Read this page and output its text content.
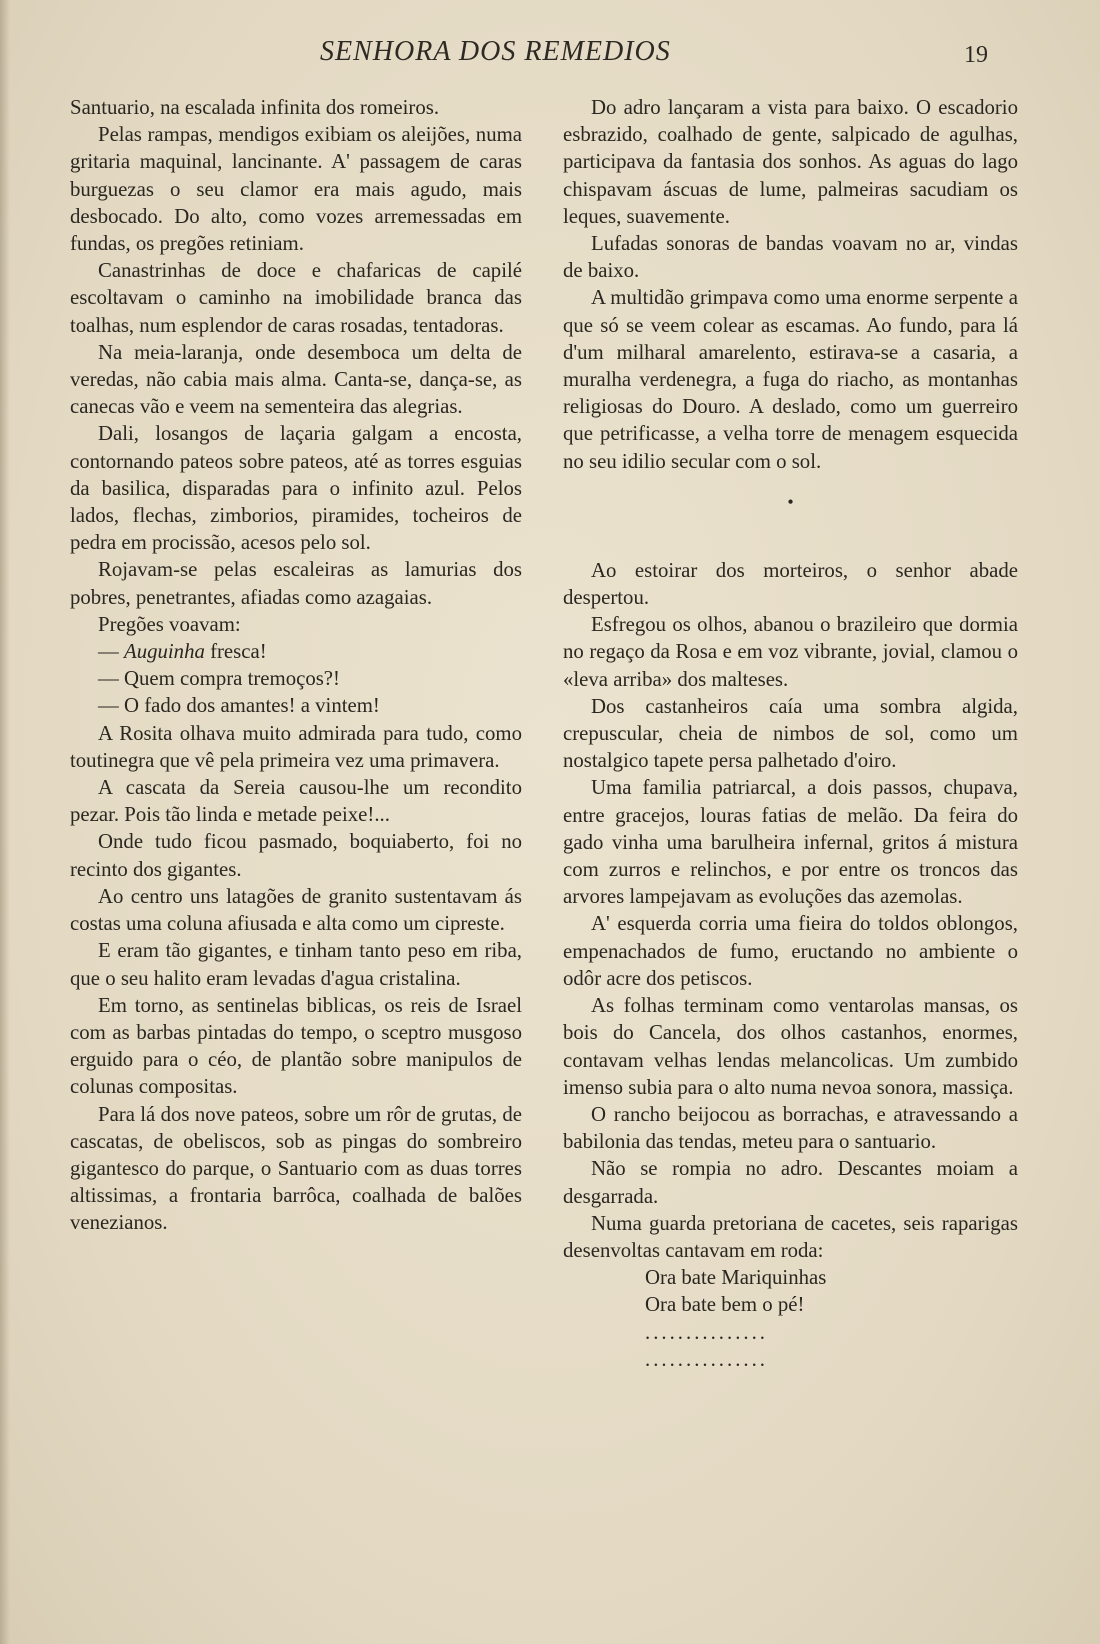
SENHORA DOS REMEDIOS	19

Santuario, na escalada infinita dos romeiros.

Pelas rampas, mendigos exibiam os aleijões, numa gritaria maquinal, lancinante. A' passagem de caras burguezas o seu clamor era mais agudo, mais desbocado. Do alto, como vozes arremessadas em fundas, os pregões retiniam.

Canastrinhas de doce e chafaricas de capilé escoltavam o caminho na imobilidade branca das toalhas, num esplendor de caras rosadas, tentadoras.

Na meia-laranja, onde desemboca um delta de veredas, não cabia mais alma. Canta-se, dança-se, as canecas vão e veem na sementeira das alegrias.

Dali, losangos de laçaria galgam a encosta, contornando pateos sobre pateos, até as torres esguias da basilica, disparadas para o infinito azul. Pelos lados, flechas, zimborios, piramides, tocheiros de pedra em procissão, acesos pelo sol.

Rojavam-se pelas escaleiras as lamurias dos pobres, penetrantes, afiadas como azagaias.

Pregões voavam:

— Auguinha fresca!

— Quem compra tremoços?!

— O fado dos amantes! a vintem!

A Rosita olhava muito admirada para tudo, como toutinegra que vê pela primeira vez uma primavera.

A cascata da Sereia causou-lhe um recondito pezar. Pois tão linda e metade peixe!...

Onde tudo ficou pasmado, boquiaberto, foi no recinto dos gigantes.

Ao centro uns latagões de granito sustentavam ás costas uma coluna afiusada e alta como um cipreste.

E eram tão gigantes, e tinham tanto peso em riba, que o seu halito eram levadas d'agua cristalina.

Em torno, as sentinelas biblicas, os reis de Israel com as barbas pintadas do tempo, o sceptro musgoso erguido para o céo, de plantão sobre manipulos de colunas compositas.

Para lá dos nove pateos, sobre um rôr de grutas, de cascatas, de obeliscos, sob as pingas do sombreiro gigantesco do parque, o Santuario com as duas torres altissimas, a frontaria barrôca, coalhada de balões venezianos.

Do adro lançaram a vista para baixo. O escadorio esbrazido, coalhado de gente, salpicado de agulhas, participava da fantasia dos sonhos. As aguas do lago chispavam áscuas de lume, palmeiras sacudiam os leques, suavemente.

Lufadas sonoras de bandas voavam no ar, vindas de baixo.

A multidão grimpava como uma enorme serpente a que só se veem colear as escamas. Ao fundo, para lá d'um milharal amarelento, estirava-se a casaria, a muralha verdenegra, a fuga do riacho, as montanhas religiosas do Douro. A deslado, como um guerreiro que petrificasse, a velha torre de menagem esquecida no seu idilio secular com o sol.

•

Ao estoirar dos morteiros, o senhor abade despertou.

Esfregou os olhos, abanou o brazileiro que dormia no regaço da Rosa e em voz vibrante, jovial, clamou o «leva arriba» dos malteses.

Dos castanheiros caía uma sombra algida, crepuscular, cheia de nimbos de sol, como um nostalgico tapete persa palhetado d'oiro.

Uma familia patriarcal, a dois passos, chupava, entre gracejos, louras fatias de melão. Da feira do gado vinha uma barulheira infernal, gritos á mistura com zurros e relinchos, e por entre os troncos das arvores lampejavam as evoluções das azemolas.

A' esquerda corria uma fieira do toldos oblongos, empenachados de fumo, eructando no ambiente o odôr acre dos petiscos.

As folhas terminam como ventarolas mansas, os bois do Cancela, dos olhos castanhos, enormes, contavam velhas lendas melancolicas. Um zumbido imenso subia para o alto numa nevoa sonora, massiça.

O rancho beijocou as borrachas, e atravessando a babilonia das tendas, meteu para o santuario.

Não se rompia no adro. Descantes moiam a desgarrada.

Numa guarda pretoriana de cacetes, seis raparigas desenvoltas cantavam em roda:

Ora bate Mariquinhas
Ora bate bem o pé!
...............
...............
